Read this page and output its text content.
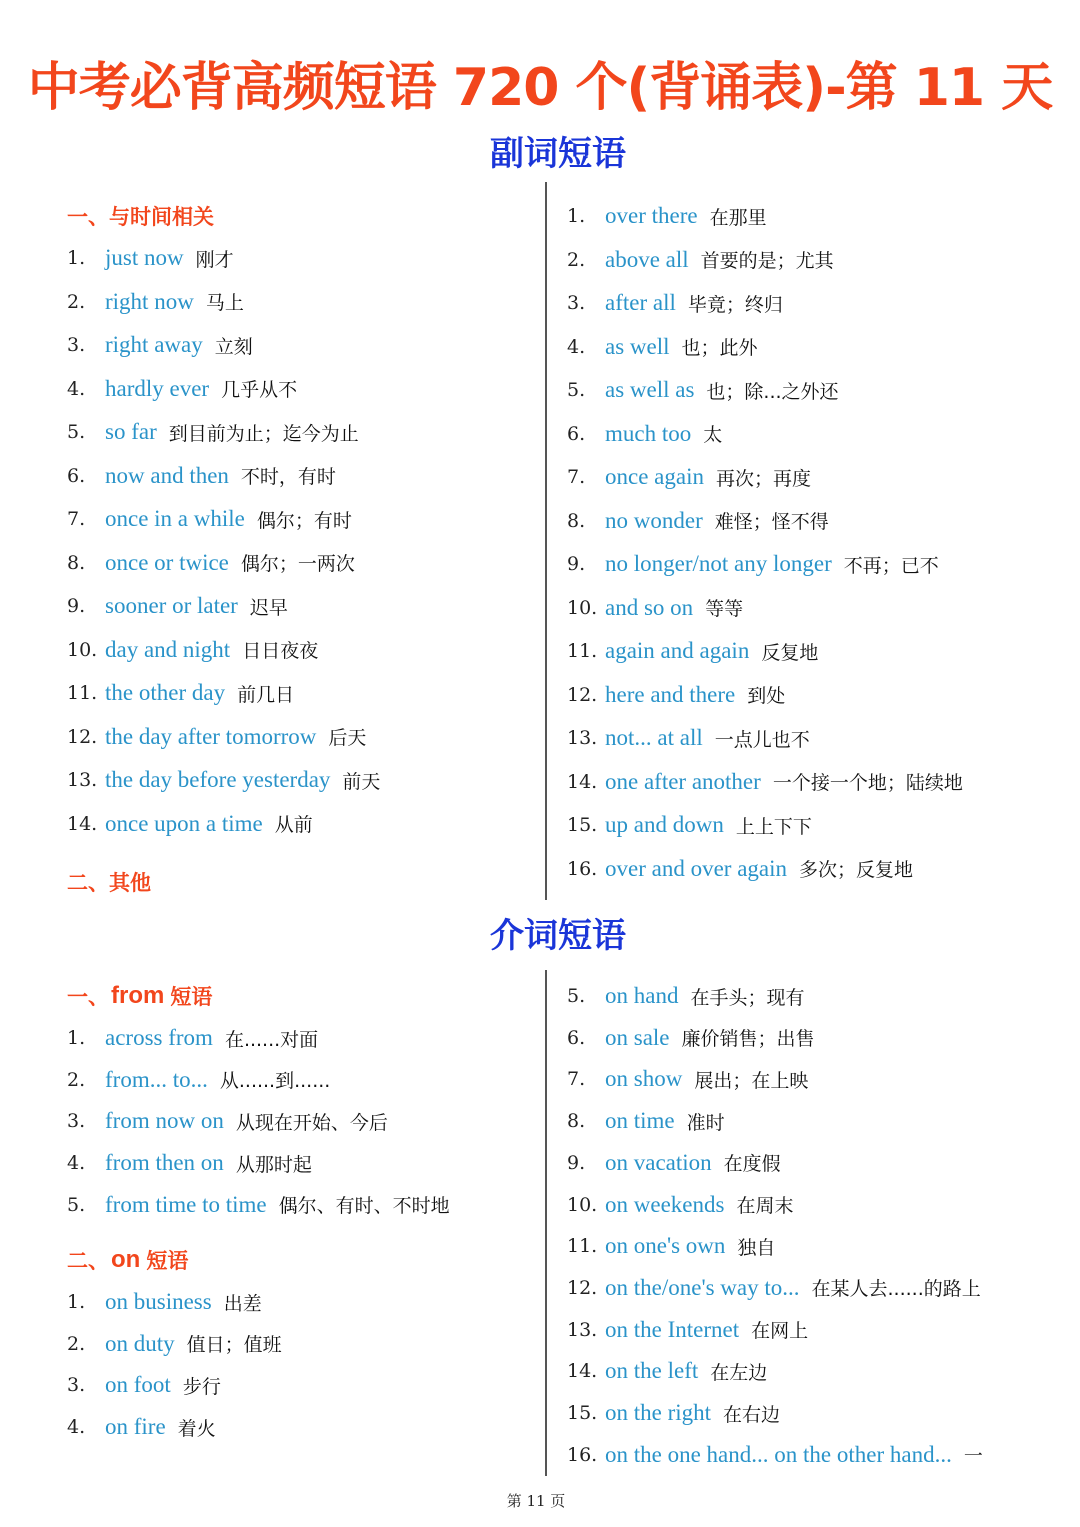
中考必背高频短语 720 个(背诵表)-第 11 天
副词短语
一、与时间相关
1. just now 刚才
2. right now 马上
3. right away 立刻
4. hardly ever 几乎从不
5. so far 到目前为止；迄今为止
6. now and then 不时，有时
7. once in a while 偶尔；有时
8. once or twice 偶尔；一两次
9. sooner or later 迟早
10. day and night 日日夜夜
11. the other day 前几日
12. the day after tomorrow 后天
13. the day before yesterday 前天
14. once upon a time 从前
二、其他
1. over there 在那里
2. above all 首要的是；尤其
3. after all 毕竟；终归
4. as well 也；此外
5. as well as 也；除...之外还
6. much too 太
7. once again 再次；再度
8. no wonder 难怪；怪不得
9. no longer/not any longer 不再；已不
10. and so on 等等
11. again and again 反复地
12. here and there 到处
13. not... at all 一点儿也不
14. one after another 一个接一个地；陆续地
15. up and down 上上下下
16. over and over again 多次；反复地
介词短语
一、 from 短语
1. across from 在......对面
2. from... to... 从......到......
3. from now on 从现在开始、今后
4. from then on 从那时起
5. from time to time 偶尔、有时、不时地
二、 on 短语
1. on business 出差
2. on duty 值日；值班
3. on foot 步行
4. on fire 着火
5. on hand 在手头；现有
6. on sale 廉价销售；出售
7. on show 展出；在上映
8. on time 准时
9. on vacation 在度假
10. on weekends 在周末
11. on one's own 独自
12. on the/one's way to... 在某人去......的路上
13. on the Internet 在网上
14. on the left 在左边
15. on the right 在右边
16. on the one hand... on the other hand... 一
第 11 页
